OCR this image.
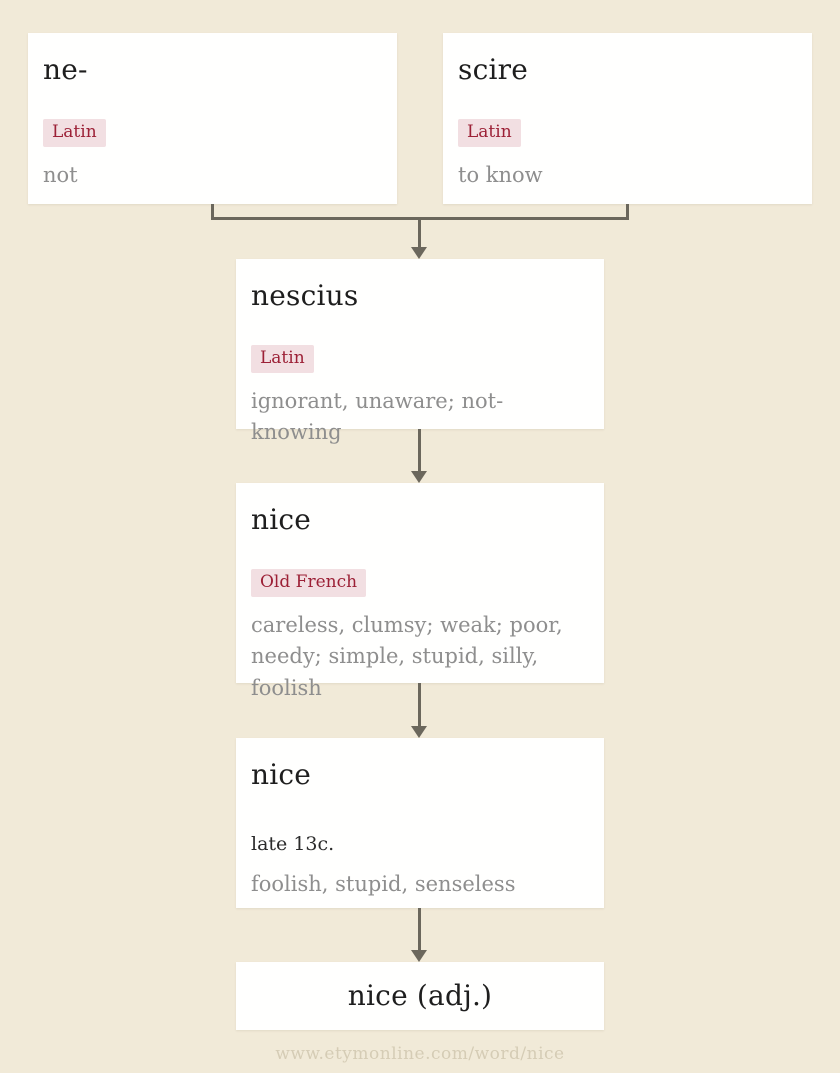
ne-
Latin
not
scire
Latin
to know
nescius
Latin
ignorant, unaware; not-knowing
nice
Old French
careless, clumsy; weak; poor, needy; simple, stupid, silly, foolish
nice
late 13c.
foolish, stupid, senseless
nice (adj.)
www.etymonline.com/word/nice
